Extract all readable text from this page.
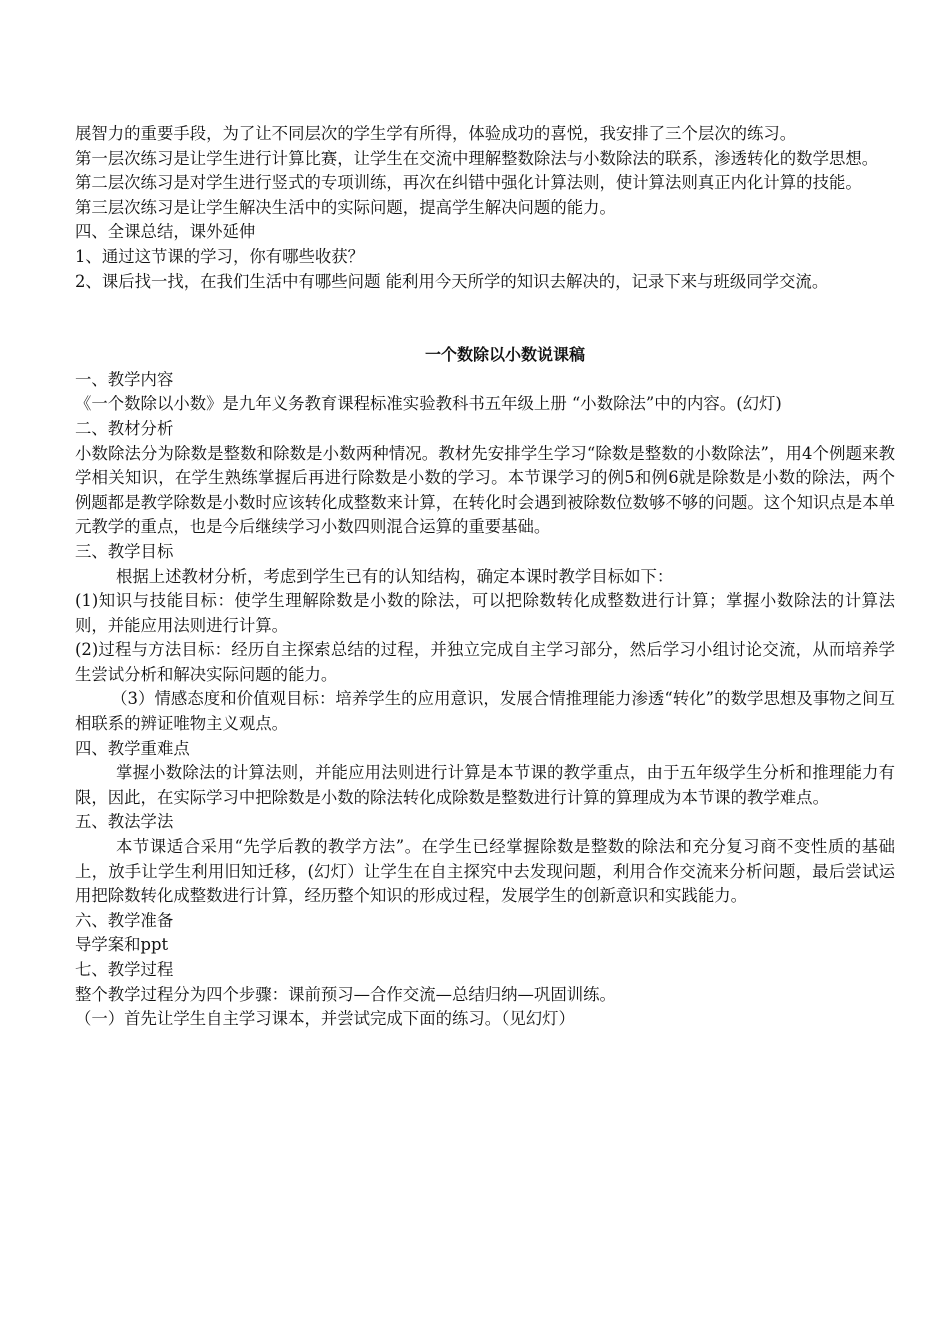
展智力的重要手段，为了让不同层次的学生学有所得，体验成功的喜悦，我安排了三个层次的练习。

第一层次练习是让学生进行计算比赛，让学生在交流中理解整数除法与小数除法的联系，渗透转化的数学思想。

第二层次练习是对学生进行竖式的专项训练，再次在纠错中强化计算法则，使计算法则真正内化计算的技能。

第三层次练习是让学生解决生活中的实际问题，提高学生解决问题的能力。

四、全课总结，课外延伸

1、通过这节课的学习，你有哪些收获？

2、课后找一找，在我们生活中有哪些问题 能利用今天所学的知识去解决的，记录下来与班级同学交流。

一个数除以小数说课稿

一、教学内容

《一个数除以小数》是九年义务教育课程标准实验教科书五年级上册 “小数除法”中的内容。(幻灯)

二、教材分析

小数除法分为除数是整数和除数是小数两种情况。教材先安排学生学习“除数是整数的小数除法”，用4个例题来教学相关知识，在学生熟练掌握后再进行除数是小数的学习。本节课学习的例5和例6就是除数是小数的除法，两个例题都是教学除数是小数时应该转化成整数来计算，在转化时会遇到被除数位数够不够的问题。这个知识点是本单元教学的重点，也是今后继续学习小数四则混合运算的重要基础。

三、教学目标

根据上述教材分析，考虑到学生已有的认知结构，确定本课时教学目标如下：

(1)知识与技能目标：使学生理解除数是小数的除法，可以把除数转化成整数进行计算；掌握小数除法的计算法则，并能应用法则进行计算。

(2)过程与方法目标：经历自主探索总结的过程，并独立完成自主学习部分，然后学习小组讨论交流，从而培养学生尝试分析和解决实际问题的能力。

（3）情感态度和价值观目标：培养学生的应用意识，发展合情推理能力渗透“转化”的数学思想及事物之间互相联系的辨证唯物主义观点。

四、教学重难点

掌握小数除法的计算法则，并能应用法则进行计算是本节课的教学重点，由于五年级学生分析和推理能力有限，因此，在实际学习中把除数是小数的除法转化成除数是整数进行计算的算理成为本节课的教学难点。

五、教法学法

本节课适合采用“先学后教的教学方法”。在学生已经掌握除数是整数的除法和充分复习商不变性质的基础上，放手让学生利用旧知迁移，(幻灯）让学生在自主探究中去发现问题，利用合作交流来分析问题，最后尝试运用把除数转化成整数进行计算，经历整个知识的形成过程，发展学生的创新意识和实践能力。

六、教学准备

导学案和ppt

七、教学过程

整个教学过程分为四个步骤：课前预习—合作交流—总结归纳—巩固训练。

（一）首先让学生自主学习课本，并尝试完成下面的练习。（见幻灯）
